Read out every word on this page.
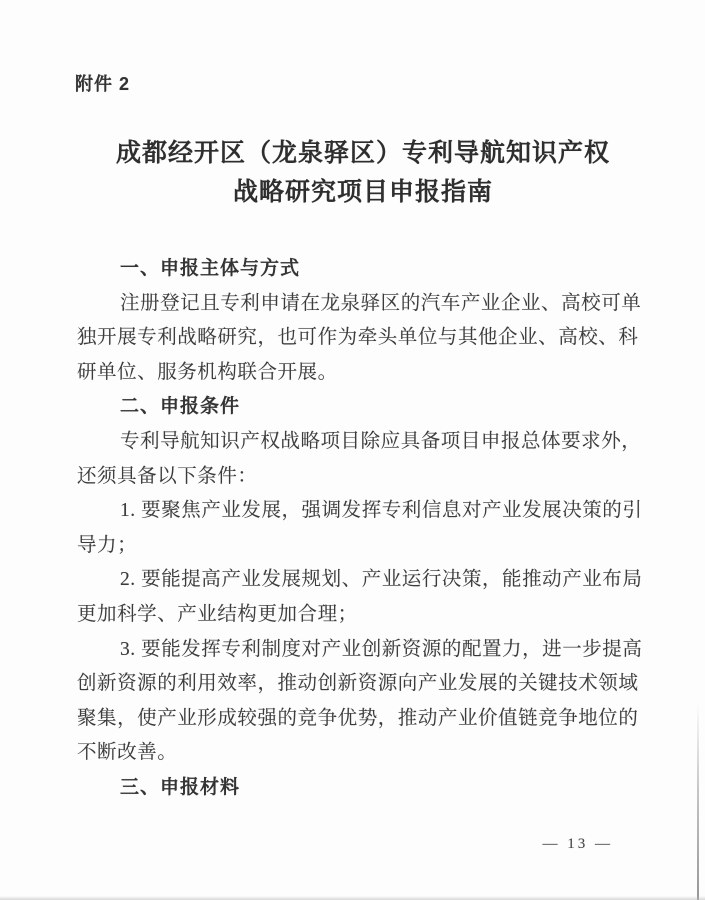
附件 2
成都经开区（龙泉驿区）专利导航知识产权
战略研究项目申报指南
一、申报主体与方式
注册登记且专利申请在龙泉驿区的汽车产业企业、高校可单
独开展专利战略研究，也可作为牵头单位与其他企业、高校、科
研单位、服务机构联合开展。
二、申报条件
专利导航知识产权战略项目除应具备项目申报总体要求外，
还须具备以下条件：
1. 要聚焦产业发展，强调发挥专利信息对产业发展决策的引
导力；
2. 要能提高产业发展规划、产业运行决策，能推动产业布局
更加科学、产业结构更加合理；
3. 要能发挥专利制度对产业创新资源的配置力，进一步提高
创新资源的利用效率，推动创新资源向产业发展的关键技术领域
聚集，使产业形成较强的竞争优势，推动产业价值链竞争地位的
不断改善。
三、申报材料
— 13 —
